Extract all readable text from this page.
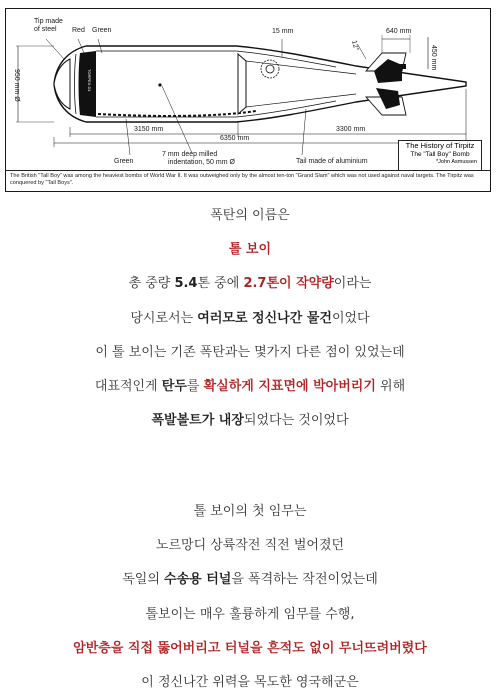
TORPEX D1
Tip made of steel	Red Green	15 mm
950 mm Ø
640 mm
12°	450 mm
3150 mm
6350 mm
3300 mm
Green
7 mm deep milled indentation, 50 mm Ø	Tail made of aluminium
The History of Tirpitz
The "Tall Boy" Bomb
*John Asmussen
The British "Tall Boy" was among the heaviest bombs of World War II. It was outweighed only by the almost ten-ton "Grand Slam" which was not used against naval targets. The Tirpitz was conquered by "Tall Boys".
폭탄의 이름은
톨 보이
총 중량 5.4톤 중에 2.7톤이 작약량이라는
당시로서는 여러모로 정신나간 물건이었다
이 톨 보이는 기존 폭탄과는 몇가지 다른 점이 있었는데
대표적인게 탄두를 확실하게 지표면에 박아버리기 위해
폭발볼트가 내장되었다는 것이었다
톨 보이의 첫 임무는
노르망디 상륙작전 직전 벌어졌던
독일의 수송용 터널을 폭격하는 작전이었는데
톨보이는 매우 훌륭하게 임무를 수행,
암반층을 직접 뚫어버리고 터널을 흔적도 없이 무너뜨려버렸다
이 정신나간 위력을 목도한 영국해군은
